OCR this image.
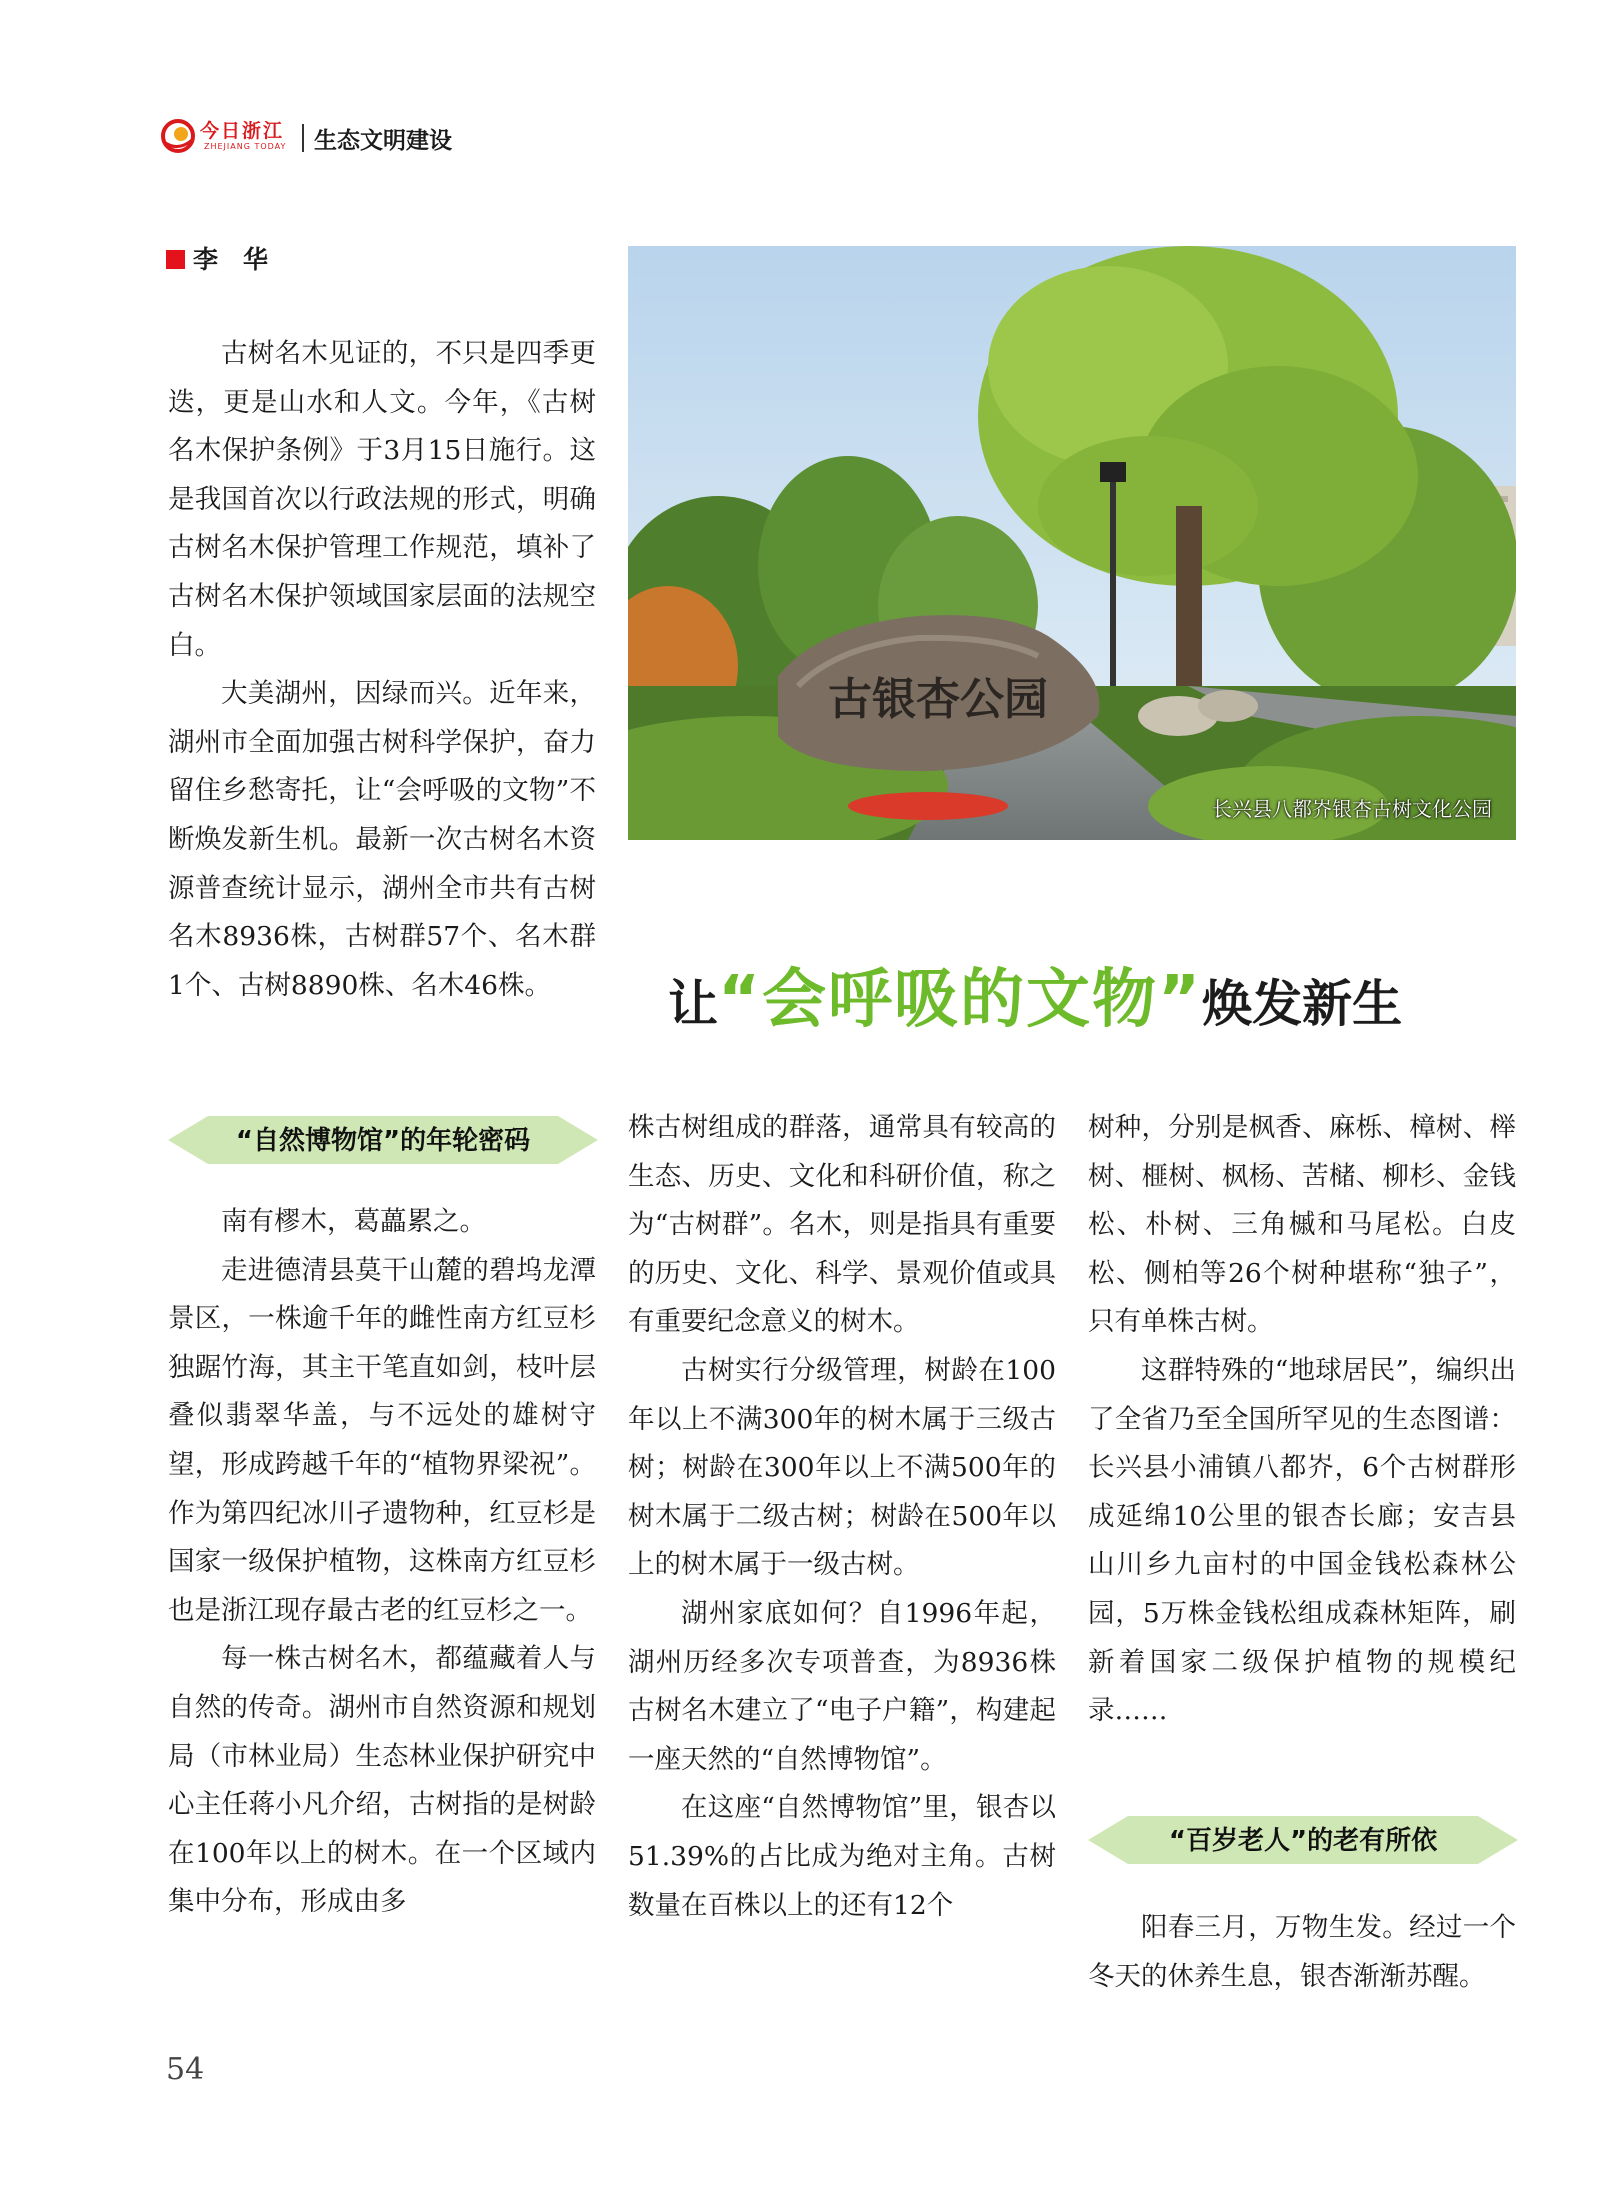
今日浙江
ZHEJIANG TODAY 生态文明建设
李　华

古树名木见证的，不只是四季更迭，更是山水和人文。今年，《古树名木保护条例》于3月15日施行。这是我国首次以行政法规的形式，明确古树名木保护管理工作规范，填补了古树名木保护领域国家层面的法规空白。

大美湖州，因绿而兴。近年来，湖州市全面加强古树科学保护，奋力留住乡愁寄托，让“会呼吸的文物”不断焕发新生机。最新一次古树名木资源普查统计显示，湖州全市共有古树名木8936株，古树群57个、名木群1个、古树8890株、名木46株。

古银杏公园
长兴县八都岕银杏古树文化公园
让“会呼吸的文物”焕发新生
“自然博物馆”的年轮密码

南有樛木，葛藟累之。

走进德清县莫干山麓的碧坞龙潭景区，一株逾千年的雌性南方红豆杉独踞竹海，其主干笔直如剑，枝叶层叠似翡翠华盖，与不远处的雄树守望，形成跨越千年的“植物界梁祝”。作为第四纪冰川孑遗物种，红豆杉是国家一级保护植物，这株南方红豆杉也是浙江现存最古老的红豆杉之一。

每一株古树名木，都蕴藏着人与自然的传奇。湖州市自然资源和规划局（市林业局）生态林业保护研究中心主任蒋小凡介绍，古树指的是树龄在100年以上的树木。在一个区域内集中分布，形成由多

株古树组成的群落，通常具有较高的生态、历史、文化和科研价值，称之为“古树群”。名木，则是指具有重要的历史、文化、科学、景观价值或具有重要纪念意义的树木。

古树实行分级管理，树龄在100年以上不满300年的树木属于三级古树；树龄在300年以上不满500年的树木属于二级古树；树龄在500年以上的树木属于一级古树。

湖州家底如何？自1996年起，湖州历经多次专项普查，为8936株古树名木建立了“电子户籍”，构建起一座天然的“自然博物馆”。

在这座“自然博物馆”里，银杏以51.39%的占比成为绝对主角。古树数量在百株以上的还有12个

树种，分别是枫香、麻栎、樟树、榉树、榧树、枫杨、苦槠、柳杉、金钱松、朴树、三角槭和马尾松。白皮松、侧柏等26个树种堪称“独子”，只有单株古树。

这群特殊的“地球居民”，编织出了全省乃至全国所罕见的生态图谱：长兴县小浦镇八都岕，6个古树群形成延绵10公里的银杏长廊；安吉县山川乡九亩村的中国金钱松森林公园，5万株金钱松组成森林矩阵，刷新着国家二级保护植物的规模纪录……

“百岁老人”的老有所依

阳春三月，万物生发。经过一个冬天的休养生息，银杏渐渐苏醒。

54
